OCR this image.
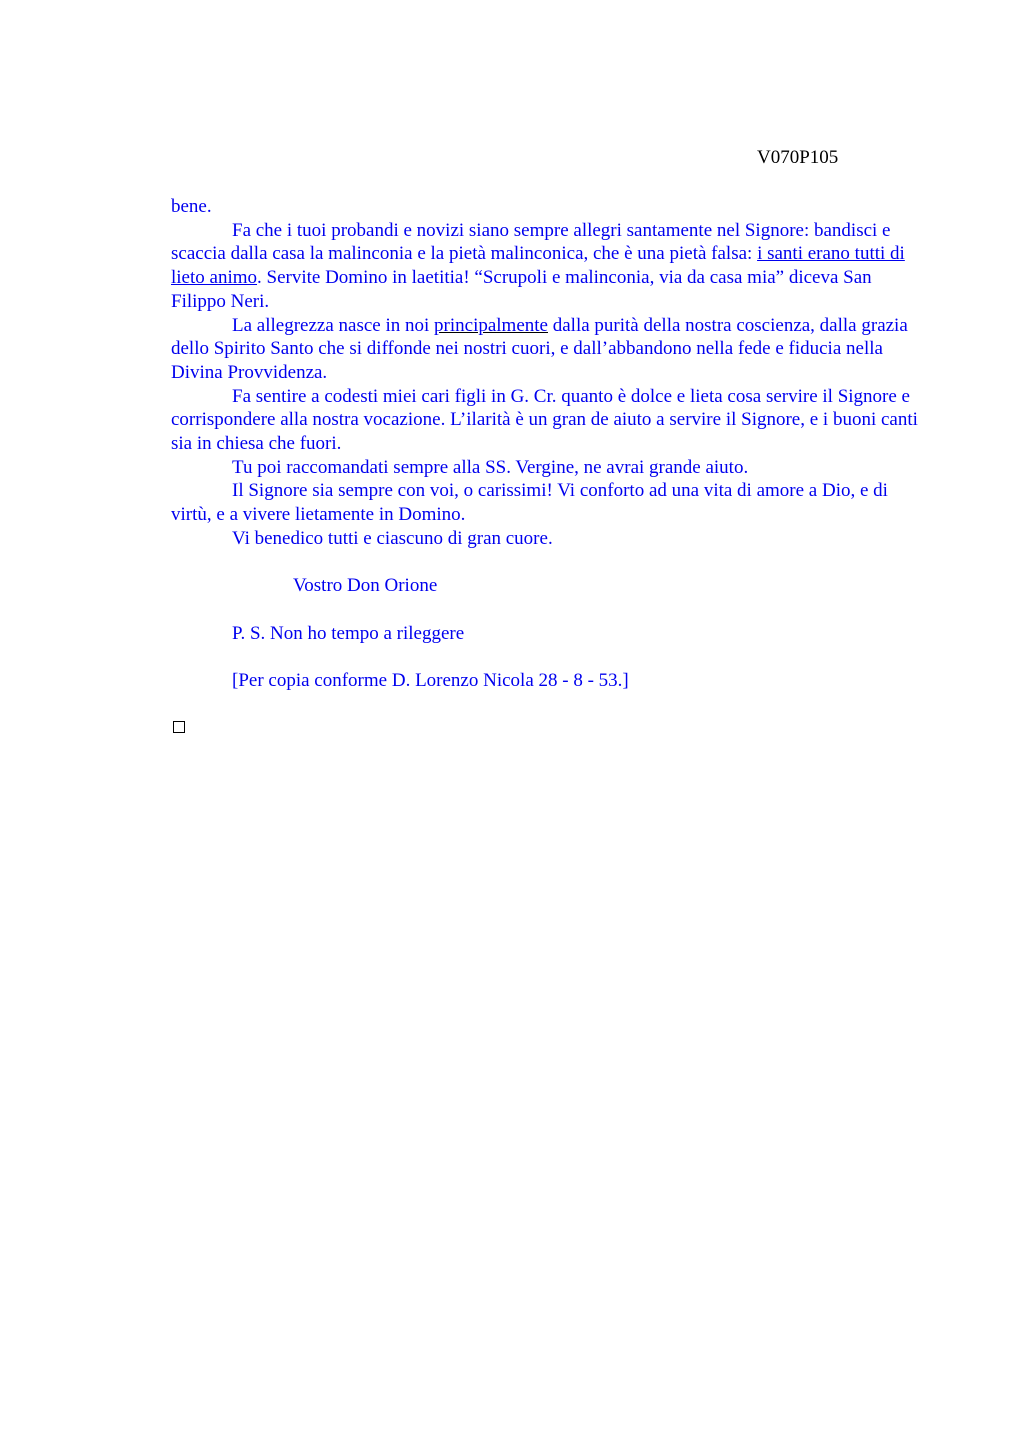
V070P105

bene.

Fa che i tuoi probandi e novizi siano sempre allegri santamente nel Signore: bandisci e scaccia dalla casa la malinconia e la pietà malinconica, che è una pietà falsa: i santi erano tutti di lieto animo. Servite Domino in laetitia! “Scrupoli e malinconia, via da casa mia” diceva San Filippo Neri.

La allegrezza nasce in noi principalmente dalla purità della nostra coscienza, dalla grazia dello Spirito Santo che si diffonde nei nostri cuori, e dall’abbandono nella fede e fiducia nella Divina Provvidenza.

Fa sentire a codesti miei cari figli in G. Cr. quanto è dolce e lieta cosa servire il Signore e corrispondere alla nostra vocazione. L’ilarità è un gran de aiuto a servire il Signore, e i buoni canti sia in chiesa che fuori.

Tu poi raccomandati sempre alla SS. Vergine, ne avrai grande aiuto.

Il Signore sia sempre con voi, o carissimi! Vi conforto ad una vita di amore a Dio, e di virtù, e a vivere lietamente in Domino.

Vi benedico tutti e ciascuno di gran cuore.

Vostro Don Orione

P. S. Non ho tempo a rileggere

[Per copia conforme D. Lorenzo Nicola 28 - 8 - 53.]
